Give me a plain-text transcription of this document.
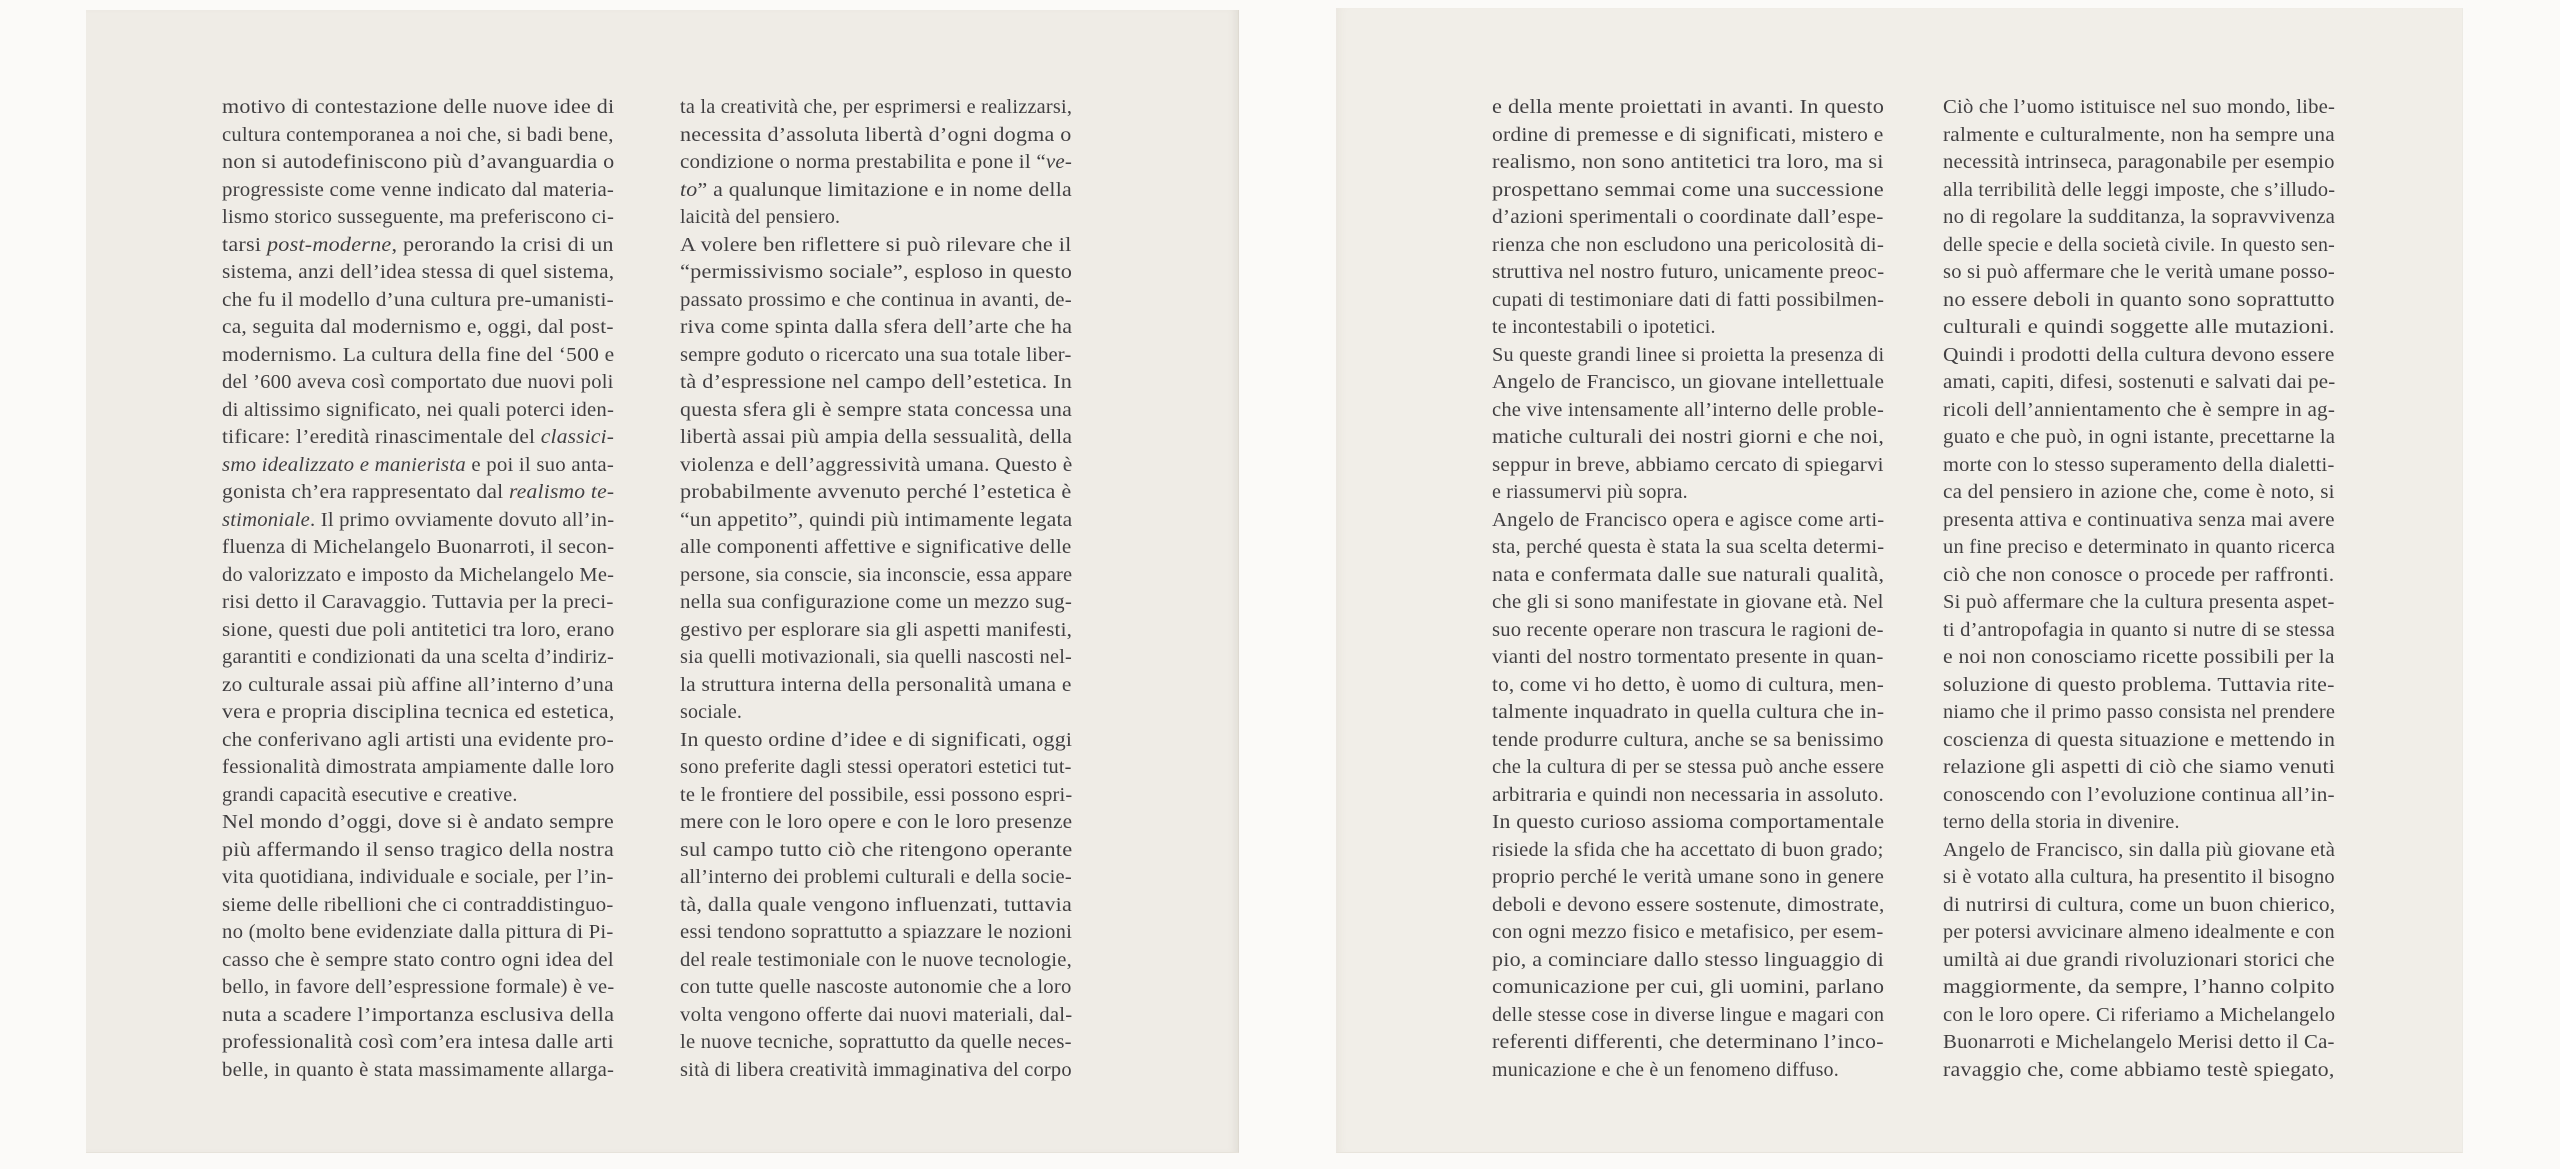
motivo di contestazione delle nuove idee di
cultura contemporanea a noi che, si badi bene,
non si autodefiniscono più d’avanguardia o
progressiste come venne indicato dal materia-
lismo storico susseguente, ma preferiscono ci-
tarsi post-moderne, perorando la crisi di un
sistema, anzi dell’idea stessa di quel sistema,
che fu il modello d’una cultura pre-umanisti-
ca, seguita dal modernismo e, oggi, dal post-
modernismo. La cultura della fine del ‘500 e
del ’600 aveva così comportato due nuovi poli
di altissimo significato, nei quali poterci iden-
tificare: l’eredità rinascimentale del classici-
smo idealizzato e manierista e poi il suo anta-
gonista ch’era rappresentato dal realismo te-
stimoniale. Il primo ovviamente dovuto all’in-
fluenza di Michelangelo Buonarroti, il secon-
do valorizzato e imposto da Michelangelo Me-
risi detto il Caravaggio. Tuttavia per la preci-
sione, questi due poli antitetici tra loro, erano
garantiti e condizionati da una scelta d’indiriz-
zo culturale assai più affine all’interno d’una
vera e propria disciplina tecnica ed estetica,
che conferivano agli artisti una evidente pro-
fessionalità dimostrata ampiamente dalle loro
grandi capacità esecutive e creative.
Nel mondo d’oggi, dove si è andato sempre
più affermando il senso tragico della nostra
vita quotidiana, individuale e sociale, per l’in-
sieme delle ribellioni che ci contraddistinguo-
no (molto bene evidenziate dalla pittura di Pi-
casso che è sempre stato contro ogni idea del
bello, in favore dell’espressione formale) è ve-
nuta a scadere l’importanza esclusiva della
professionalità così com’era intesa dalle arti
belle, in quanto è stata massimamente allarga-
ta la creatività che, per esprimersi e realizzarsi,
necessita d’assoluta libertà d’ogni dogma o
condizione o norma prestabilita e pone il “ve-
to” a qualunque limitazione e in nome della
laicità del pensiero.
A volere ben riflettere si può rilevare che il
“permissivismo sociale”, esploso in questo
passato prossimo e che continua in avanti, de-
riva come spinta dalla sfera dell’arte che ha
sempre goduto o ricercato una sua totale liber-
tà d’espressione nel campo dell’estetica. In
questa sfera gli è sempre stata concessa una
libertà assai più ampia della sessualità, della
violenza e dell’aggressività umana. Questo è
probabilmente avvenuto perché l’estetica è
“un appetito”, quindi più intimamente legata
alle componenti affettive e significative delle
persone, sia conscie, sia inconscie, essa appare
nella sua configurazione come un mezzo sug-
gestivo per esplorare sia gli aspetti manifesti,
sia quelli motivazionali, sia quelli nascosti nel-
la struttura interna della personalità umana e
sociale.
In questo ordine d’idee e di significati, oggi
sono preferite dagli stessi operatori estetici tut-
te le frontiere del possibile, essi possono espri-
mere con le loro opere e con le loro presenze
sul campo tutto ciò che ritengono operante
all’interno dei problemi culturali e della socie-
tà, dalla quale vengono influenzati, tuttavia
essi tendono soprattutto a spiazzare le nozioni
del reale testimoniale con le nuove tecnologie,
con tutte quelle nascoste autonomie che a loro
volta vengono offerte dai nuovi materiali, dal-
le nuove tecniche, soprattutto da quelle neces-
sità di libera creatività immaginativa del corpo
e della mente proiettati in avanti. In questo
ordine di premesse e di significati, mistero e
realismo, non sono antitetici tra loro, ma si
prospettano semmai come una successione
d’azioni sperimentali o coordinate dall’espe-
rienza che non escludono una pericolosità di-
struttiva nel nostro futuro, unicamente preoc-
cupati di testimoniare dati di fatti possibilmen-
te incontestabili o ipotetici.
Su queste grandi linee si proietta la presenza di
Angelo de Francisco, un giovane intellettuale
che vive intensamente all’interno delle proble-
matiche culturali dei nostri giorni e che noi,
seppur in breve, abbiamo cercato di spiegarvi
e riassumervi più sopra.
Angelo de Francisco opera e agisce come arti-
sta, perché questa è stata la sua scelta determi-
nata e confermata dalle sue naturali qualità,
che gli si sono manifestate in giovane età. Nel
suo recente operare non trascura le ragioni de-
vianti del nostro tormentato presente in quan-
to, come vi ho detto, è uomo di cultura, men-
talmente inquadrato in quella cultura che in-
tende produrre cultura, anche se sa benissimo
che la cultura di per se stessa può anche essere
arbitraria e quindi non necessaria in assoluto.
In questo curioso assioma comportamentale
risiede la sfida che ha accettato di buon grado;
proprio perché le verità umane sono in genere
deboli e devono essere sostenute, dimostrate,
con ogni mezzo fisico e metafisico, per esem-
pio, a cominciare dallo stesso linguaggio di
comunicazione per cui, gli uomini, parlano
delle stesse cose in diverse lingue e magari con
referenti differenti, che determinano l’inco-
municazione e che è un fenomeno diffuso.
Ciò che l’uomo istituisce nel suo mondo, libe-
ralmente e culturalmente, non ha sempre una
necessità intrinseca, paragonabile per esempio
alla terribilità delle leggi imposte, che s’illudo-
no di regolare la sudditanza, la sopravvivenza
delle specie e della società civile. In questo sen-
so si può affermare che le verità umane posso-
no essere deboli in quanto sono soprattutto
culturali e quindi soggette alle mutazioni.
Quindi i prodotti della cultura devono essere
amati, capiti, difesi, sostenuti e salvati dai pe-
ricoli dell’annientamento che è sempre in ag-
guato e che può, in ogni istante, precettarne la
morte con lo stesso superamento della dialetti-
ca del pensiero in azione che, come è noto, si
presenta attiva e continuativa senza mai avere
un fine preciso e determinato in quanto ricerca
ciò che non conosce o procede per raffronti.
Si può affermare che la cultura presenta aspet-
ti d’antropofagia in quanto si nutre di se stessa
e noi non conosciamo ricette possibili per la
soluzione di questo problema. Tuttavia rite-
niamo che il primo passo consista nel prendere
coscienza di questa situazione e mettendo in
relazione gli aspetti di ciò che siamo venuti
conoscendo con l’evoluzione continua all’in-
terno della storia in divenire.
Angelo de Francisco, sin dalla più giovane età
si è votato alla cultura, ha presentito il bisogno
di nutrirsi di cultura, come un buon chierico,
per potersi avvicinare almeno idealmente e con
umiltà ai due grandi rivoluzionari storici che
maggiormente, da sempre, l’hanno colpito
con le loro opere. Ci riferiamo a Michelangelo
Buonarroti e Michelangelo Merisi detto il Ca-
ravaggio che, come abbiamo testè spiegato,
